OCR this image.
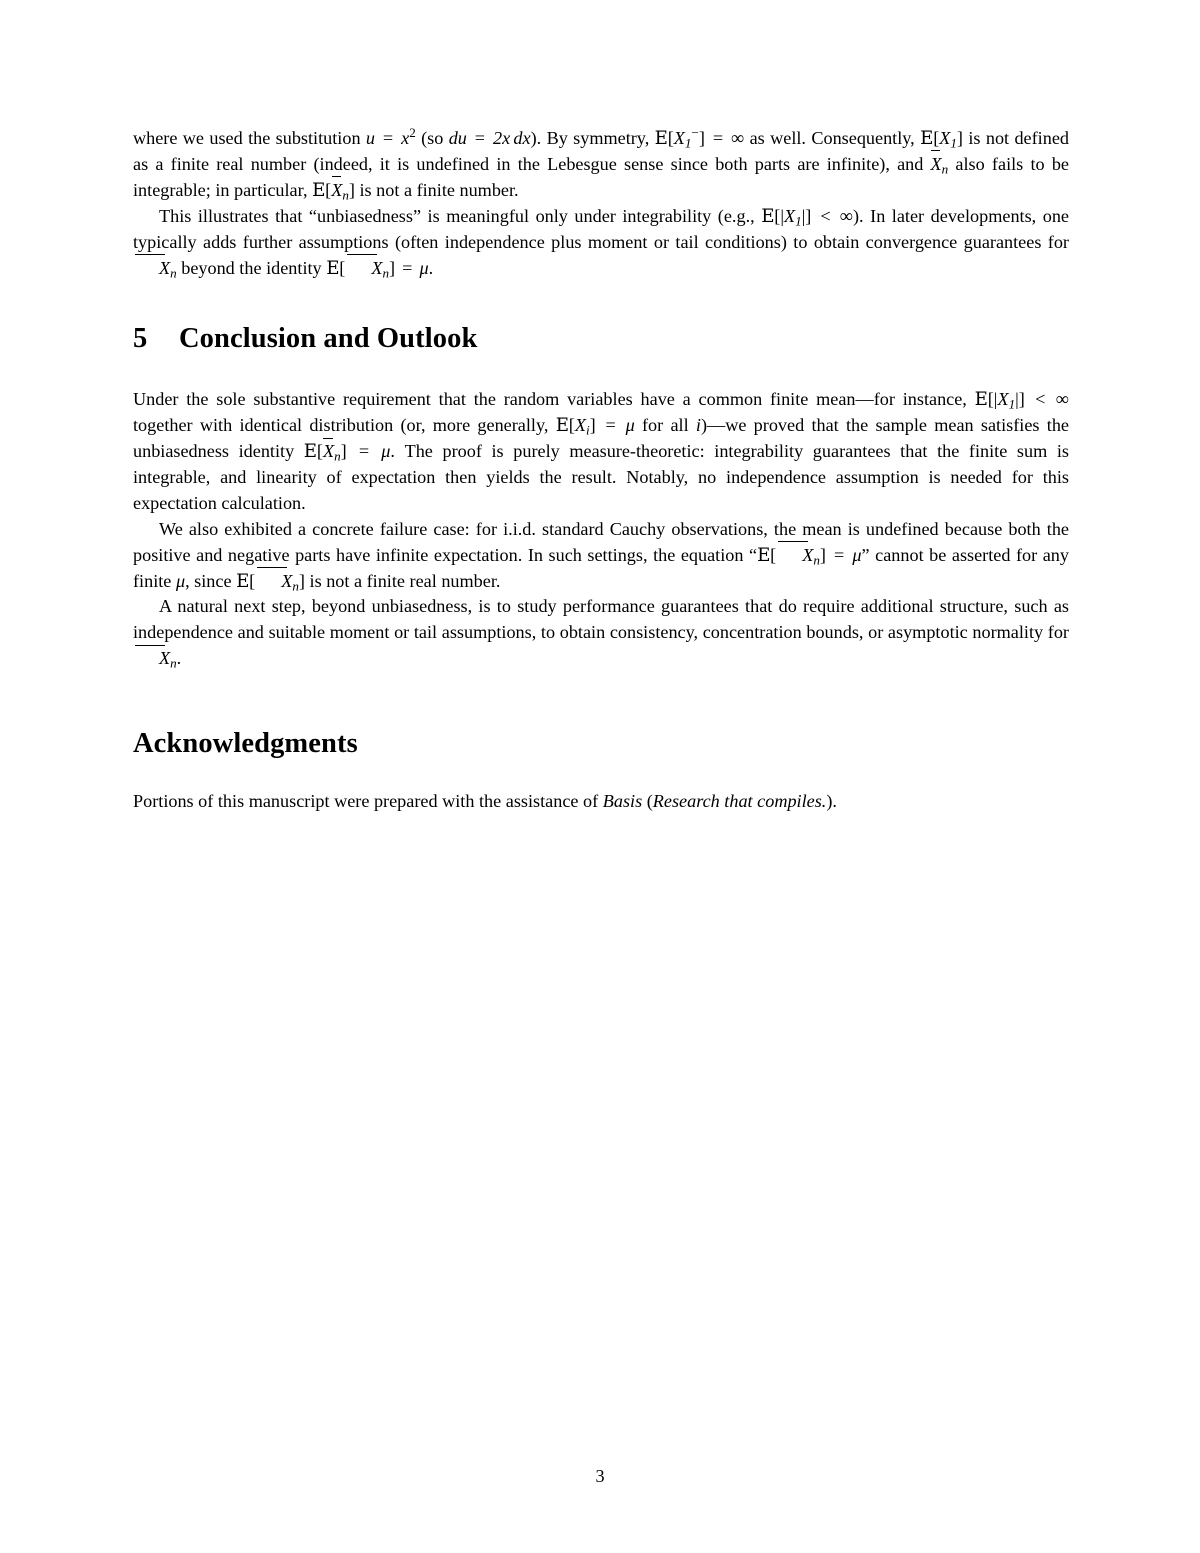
where we used the substitution $u = x^2$ (so du = 2x dx). By symmetry, $E[X_1^-]$ = ∞ as well. Consequently, $E[X_1]$ is not defined as a finite real number (indeed, it is undefined in the Lebesgue sense since both parts are infinite), and $X_n$ also fails to be integrable; in particular, $E[X_n]$ is not a finite number.

This illustrates that “unbiasedness” is meaningful only under integrability (e.g., $E[|X_1|]$ < ∞). In later developments, one typically adds further assumptions (often independence plus moment or tail conditions) to obtain convergence guarantees for $X_n$ beyond the identity E[ $X_n] = \mu$.

5 Conclusion and Outlook

Under the sole substantive requirement that the random variables have a common finite mean—for instance, $E[|X_1|]$ < ∞ together with identical distribution (or, more generally, $E[X_i] = \mu$ for all i)—we proved that the sample mean satisfies the unbiasedness identity $E[X_n] = \mu$. The proof is purely measure-theoretic: integrability guarantees that the finite sum is integrable, and linearity of expectation then yields the result. Notably, no independence assumption is needed for this expectation calculation.

We also exhibited a concrete failure case: for i.i.d. standard Cauchy observations, the mean is undefined because both the positive and negative parts have infinite expectation. In such settings, the equation “E[ $X_n] = \mu$” cannot be asserted for any finite μ, since E[ $X_n$] is not a finite real number.

A natural next step, beyond unbiasedness, is to study performance guarantees that do require additional structure, such as independence and suitable moment or tail assumptions, to obtain consistency, concentration bounds, or asymptotic normality for $X_n$.

Acknowledgments

Portions of this manuscript were prepared with the assistance of Basis (Research that compiles.).

3
